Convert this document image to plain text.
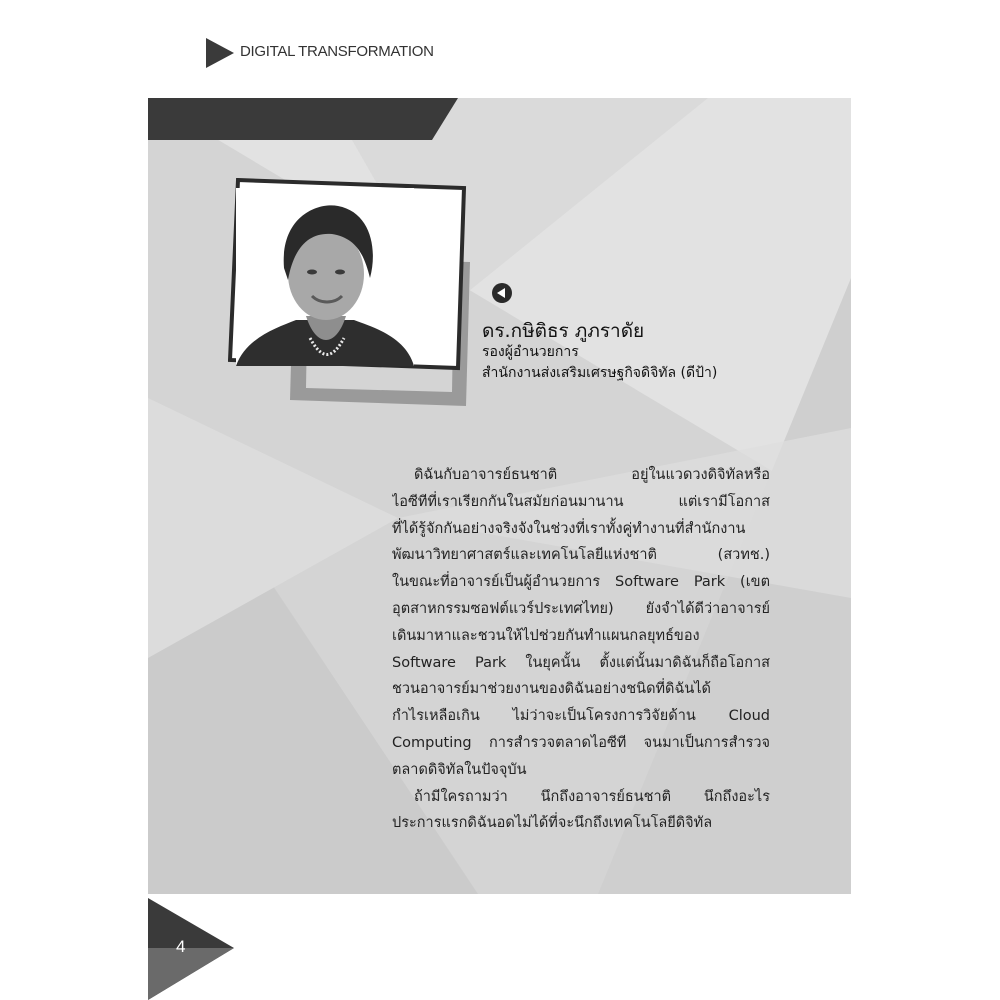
DIGITAL TRANSFORMATION
คำนิยม
ดร.กษิติธร ภูภราดัย
รองผู้อำนวยการ
สำนักงานส่งเสริมเศรษฐกิจดิจิทัล (ดีป้า)

ดิฉันกับอาจารย์ธนชาติ อยู่ในแวดวงดิจิทัลหรือ

ไอซีทีที่เราเรียกกันในสมัยก่อนมานาน แต่เรามีโอกาส

ที่ได้รู้จักกันอย่างจริงจังในช่วงที่เราทั้งคู่ทำงานที่สำนักงาน

พัฒนาวิทยาศาสตร์และเทคโนโลยีแห่งชาติ (สวทช.)

ในขณะที่อาจารย์เป็นผู้อำนวยการ Software Park (เขต

อุตสาหกรรมซอฟต์แวร์ประเทศไทย) ยังจำได้ดีว่าอาจารย์

เดินมาหาและชวนให้ไปช่วยกันทำแผนกลยุทธ์ของ

Software Park ในยุคนั้น ตั้งแต่นั้นมาดิฉันก็ถือโอกาส

ชวนอาจารย์มาช่วยงานของดิฉันอย่างชนิดที่ดิฉันได้

กำไรเหลือเกิน ไม่ว่าจะเป็นโครงการวิจัยด้าน Cloud

Computing การสำรวจตลาดไอซีที จนมาเป็นการสำรวจ

ตลาดดิจิทัลในปัจจุบัน

ถ้ามีใครถามว่า นึกถึงอาจารย์ธนชาติ นึกถึงอะไร

ประการแรกดิฉันอดไม่ได้ที่จะนึกถึงเทคโนโลยีดิจิทัล

4
